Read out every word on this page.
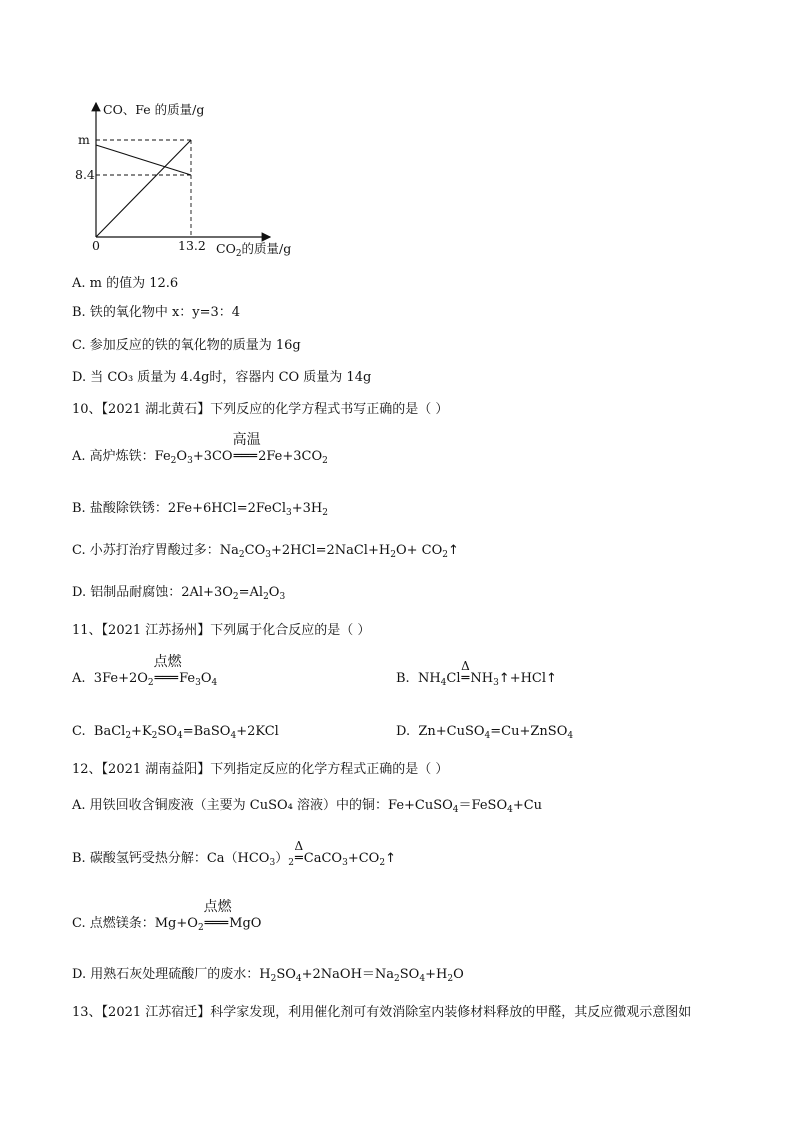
CO、Fe 的质量/g
m
8.4
0	13.2 $CO_2$的质量/g
A. m 的值为 12.6
B. 铁的氧化物中 x：y=3：4
C. 参加反应的铁的氧化物的质量为 16g
D. 当 CO₃ 质量为 4.4g时，容器内 CO 质量为 14g
10、【2021 湖北黄石】下列反应的化学方程式书写正确的是（ ）
A. 高炉炼铁：$Fe_2O_3+3CO$
高温
$═══2Fe+3CO_2$
B. 盐酸除铁锈：$2Fe+6HCl=2FeCl_3+3H_2$
C. 小苏打治疗胃酸过多：$Na_2CO_3+2HCl=2NaCl+H_2O+$ $CO_2↑$
D. 铝制品耐腐蚀：$2Al+3O_2=Al_2O_3$
11、【2021 江苏扬州】下列属于化合反应的是（ ）
A. $3Fe+2O_2$
点燃
$═══Fe_3O_4$	B. $NH_4Cl$
Δ
$═NH_3↑+HCl↑$
C. $BaCl_2+K_2SO_4=BaSO_4+2KCl$	D. Zn+CuSO$_4$=Cu+ZnSO$_4$
12、【2021 湖南益阳】下列指定反应的化学方程式正确的是（ ）
A. 用铁回收含铜废液（主要为 CuSO₄ 溶液）中的铜：Fe+CuSO$_4$＝FeSO$_4$+Cu
B. 碳酸氢钙受热分解：$Ca(HCO_3)_2$
Δ
$═CaCO_3+CO_2↑$
C. 点燃镁条：$Mg+O_2$
点燃
═══MgO
D. 用熟石灰处理硫酸厂的废水：$H_2SO_4+2NaOH=Na_2SO_4+H_2O$
13、【2021 江苏宿迁】科学家发现，利用催化剂可有效消除室内装修材料释放的甲醛，其反应微观示意图如
